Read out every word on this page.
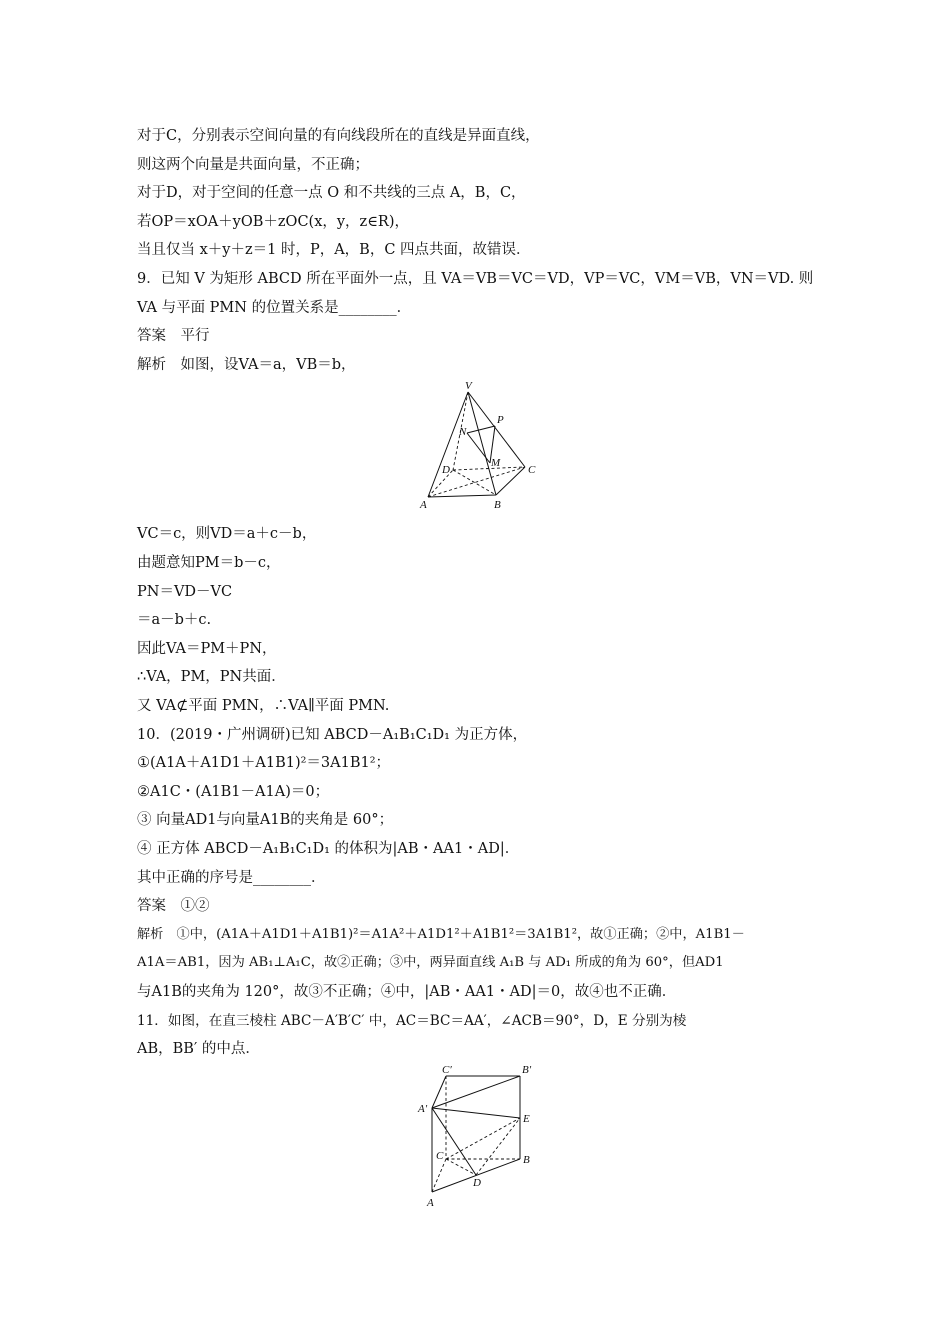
对于C，分别表示空间向量的有向线段所在的直线是异面直线，
则这两个向量是共面向量，不正确；
对于D，对于空间的任意一点 O 和不共线的三点 A，B，C，
若OP＝xOA＋yOB＋zOC(x，y，z∈R)，
当且仅当 x＋y＋z＝1 时，P，A，B，C 四点共面，故错误．
9．已知 V 为矩形 ABCD 所在平面外一点，且 VA＝VB＝VC＝VD，VP＝VC，VM＝VB，VN＝VD. 则
VA 与平面 PMN 的位置关系是________．
答案　平行
解析　如图，设VA＝a，VB＝b，
V
P
N
M
D	C
A	B
VC＝c，则VD＝a＋c－b，
由题意知PM＝b－c，
PN＝VD－VC
＝a－b＋c.
因此VA＝PM＋PN，
∴VA，PM，PN共面．
又 VA⊄平面 PMN，∴VA∥平面 PMN.
10．(2019・广州调研)已知 ABCD－A₁B₁C₁D₁ 为正方体，
①(A1A＋A1D1＋A1B1)²＝3A1B1²；
②A1C・(A1B1－A1A)＝0；
③ 向量AD1与向量A1B的夹角是 60°；
④ 正方体 ABCD－A₁B₁C₁D₁ 的体积为|AB・AA1・AD|．
其中正确的序号是________．
答案　①②
解析　①中，(A1A＋A1D1＋A1B1)²＝A1A²＋A1D1²＋A1B1²＝3A1B1²，故①正确；②中，A1B1－
A1A＝AB1，因为 AB₁⊥A₁C，故②正确；③中，两异面直线 A₁B 与 AD₁ 所成的角为 60°，但AD1
与A1B的夹角为 120°，故③不正确；④中，|AB・AA1・AD|＝0，故④也不正确．
11．如图，在直三棱柱 ABC－A′B′C′ 中，AC＝BC＝AA′，∠ACB＝90°，D，E 分别为棱
AB，BB′ 的中点．
C′	B′
A′
E
C	B
D
A
